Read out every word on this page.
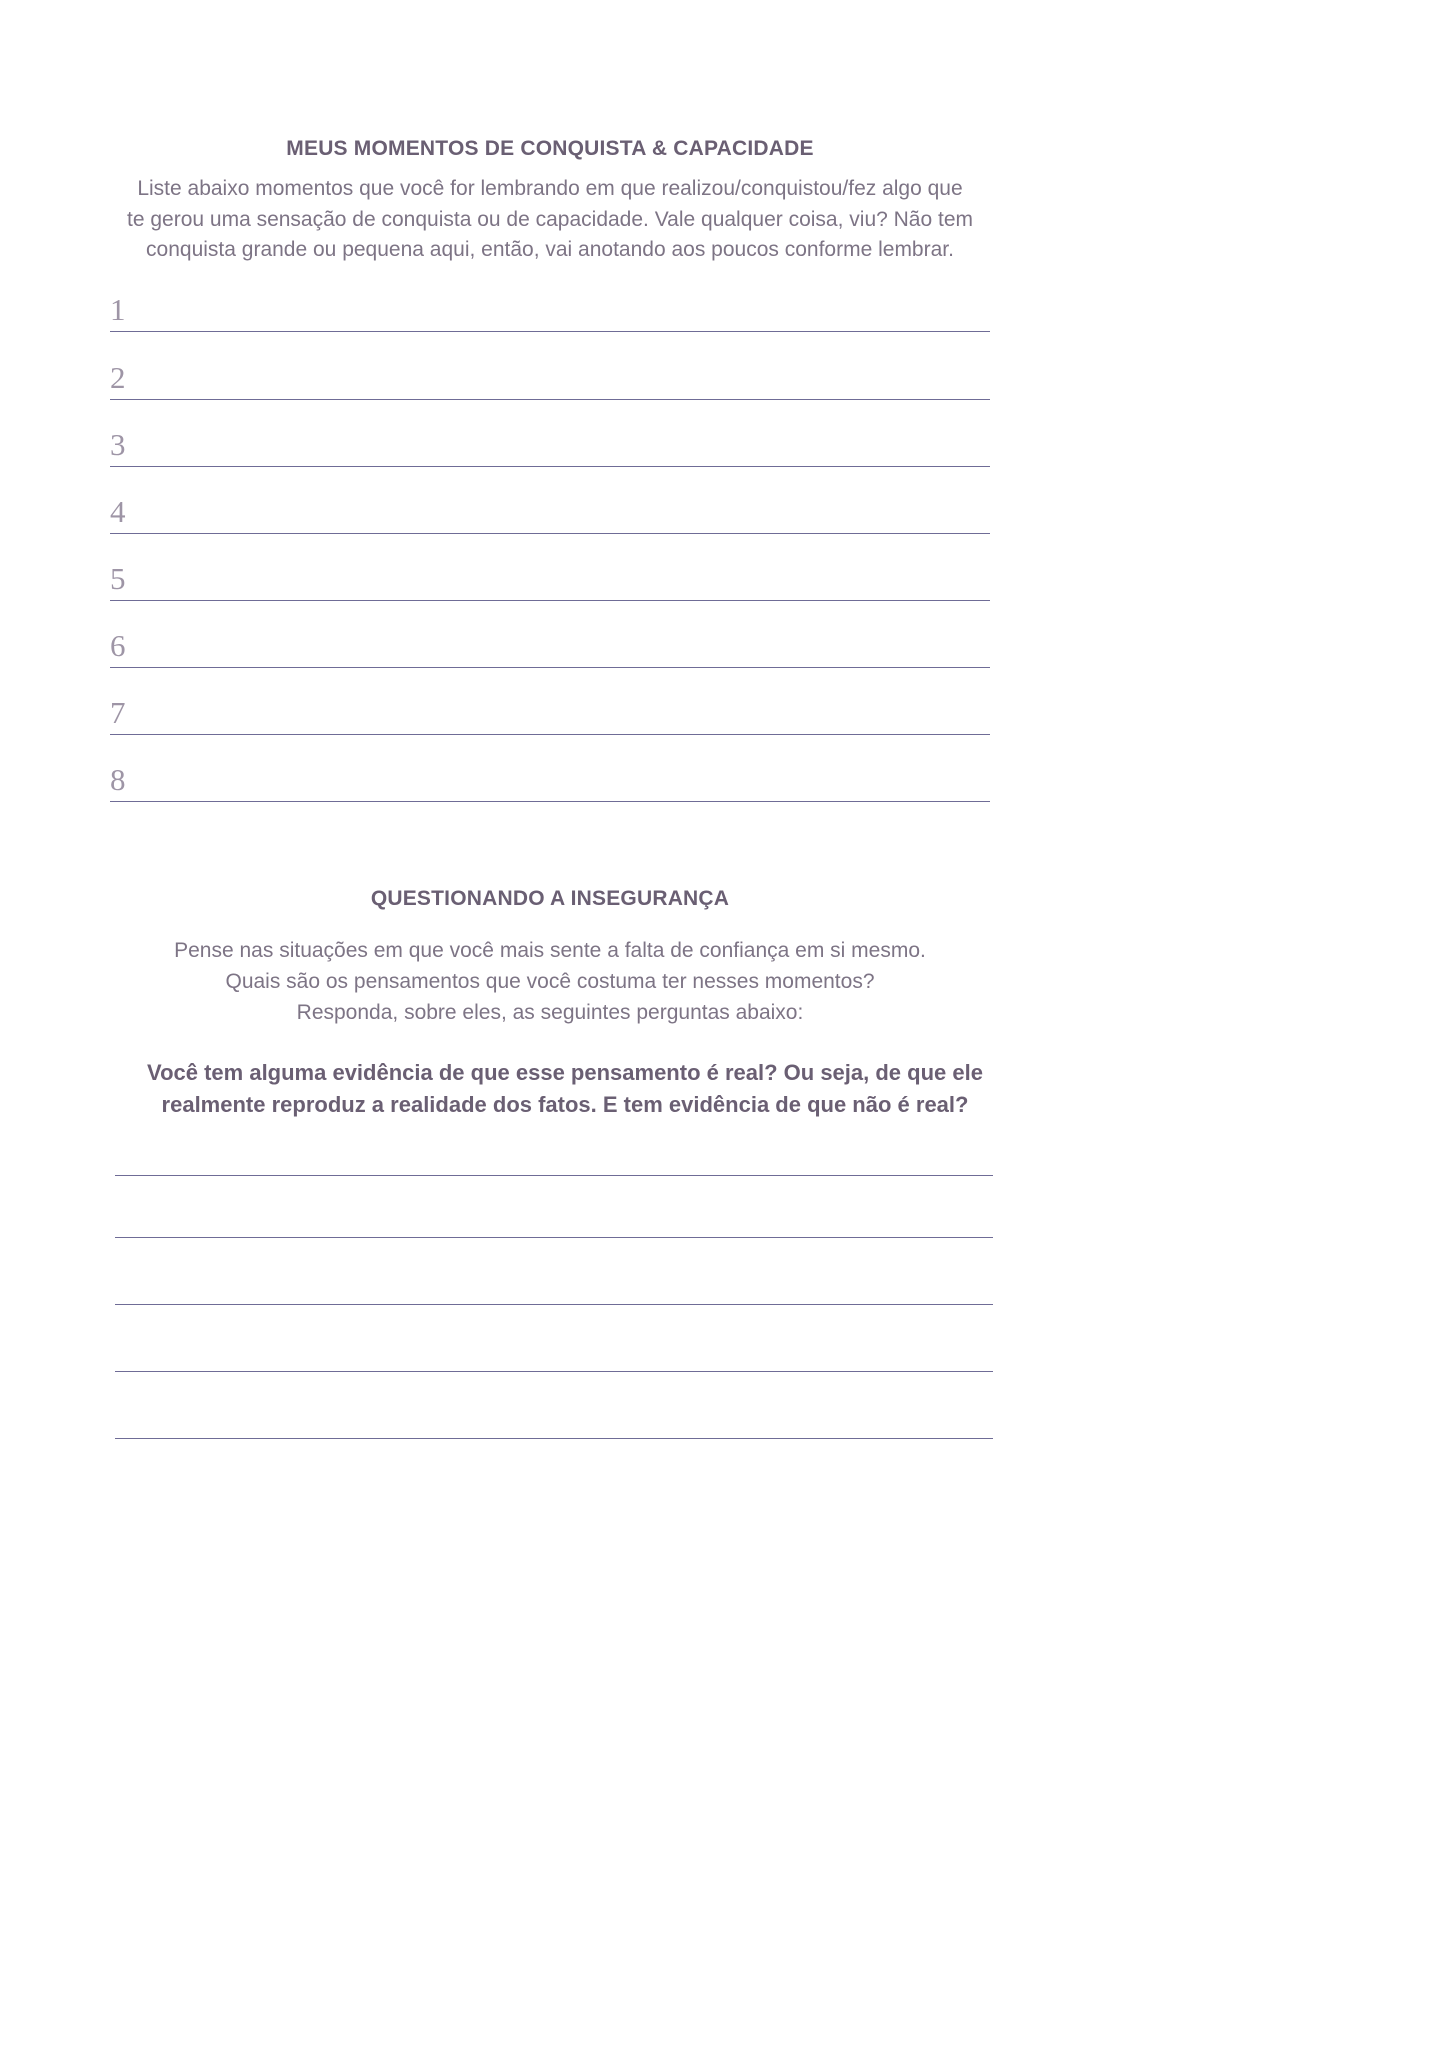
MEUS MOMENTOS DE CONQUISTA & CAPACIDADE
Liste abaixo momentos que você for lembrando em que realizou/conquistou/fez algo que
te gerou uma sensação de conquista ou de capacidade. Vale qualquer coisa, viu? Não tem
conquista grande ou pequena aqui, então, vai anotando aos poucos conforme lembrar.
1
2
3
4
5
6
7
8
QUESTIONANDO A INSEGURANÇA
Pense nas situações em que você mais sente a falta de confiança em si mesmo.
Quais são os pensamentos que você costuma ter nesses momentos?
Responda, sobre eles, as seguintes perguntas abaixo:
Você tem alguma evidência de que esse pensamento é real? Ou seja, de que ele
realmente reproduz a realidade dos fatos. E tem evidência de que não é real?
